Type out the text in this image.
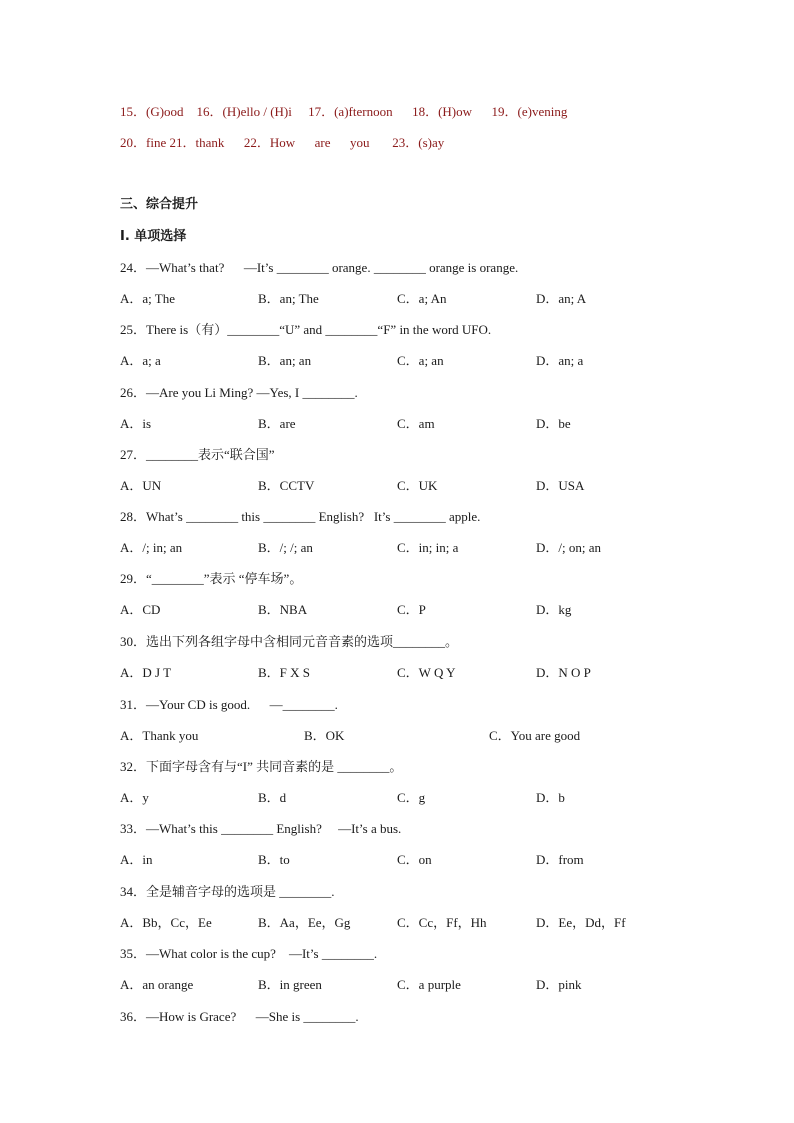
15．(G)ood    16．(H)ello / (H)i     17．(a)fternoon      18．(H)ow      19．(e)vening
20．fine 21．thank      22．How      are      you       23．(s)ay
三、综合提升
I. 单项选择
24．—What’s that?      —It’s ________ orange. ________ orange is orange.
A．a; The	B．an; The	C．a; An	D．an; A
25．There is（有）________“U” and ________“F” in the word UFO.
A．a; a	B．an; an	C．a; an	D．an; a
26．—Are you Li Ming? —Yes, I ________.
A．is	B．are	C．am	D．be
27．________表示“联合国”
A．UN	B．CCTV	C．UK	D．USA
28．What’s ________ this ________ English?   It’s ________ apple.
A．/; in; an	B．/; /; an	C．in; in; a	D．/; on; an
29．“________”表示 “停车场”。
A．CD	B．NBA	C．P	D．kg
30．选出下列各组字母中含相同元音音素的选项________。
A．D J T	B．F X S	C．W Q Y	D．N O P
31．—Your CD is good.      —________.
A．Thank you	B．OK	C．You are good
32．下面字母含有与“I” 共同音素的是 ________。
A．y	B．d	C．g	D．b
33．—What’s this ________ English?     —It’s a bus.
A．in	B．to	C．on	D．from
34．全是辅音字母的选项是 ________.
A．Bb，Cc，Ee	B．Aa，Ee，Gg	C．Cc，Ff，Hh	D．Ee，Dd，Ff
35．—What color is the cup?    —It’s ________.
A．an orange	B．in green	C．a purple	D．pink
36．—How is Grace?      —She is ________.
